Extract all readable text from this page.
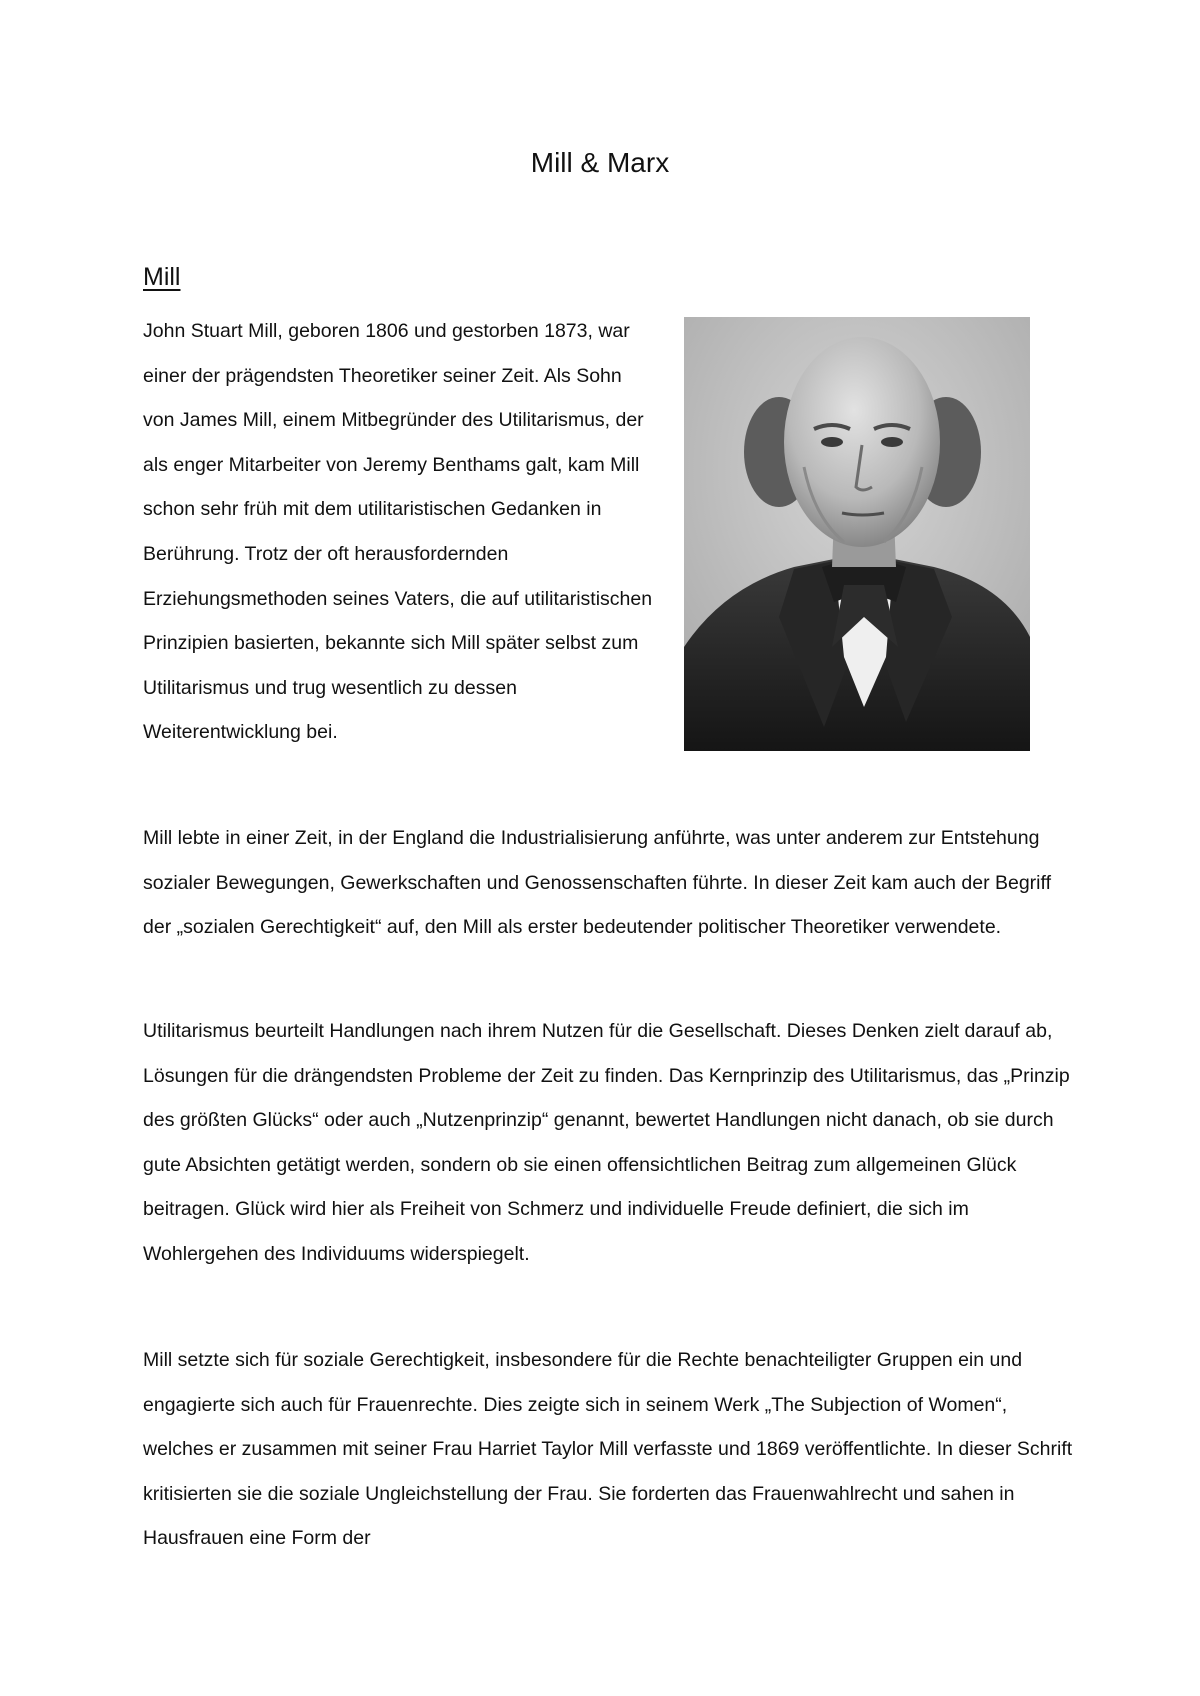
Mill & Marx
Mill

John Stuart Mill, geboren 1806 und gestorben 1873, war einer der prägendsten Theoretiker seiner Zeit. Als Sohn von James Mill, einem Mitbegründer des Utilitarismus, der als enger Mitarbeiter von Jeremy Benthams galt, kam Mill schon sehr früh mit dem utilitaristischen Gedanken in Berührung. Trotz der oft herausfordernden Erziehungsmethoden seines Vaters, die auf utilitaristischen Prinzipien basierten, bekannte sich Mill später selbst zum Utilitarismus und trug wesentlich zu dessen Weiterentwicklung bei.

Mill lebte in einer Zeit, in der England die Industrialisierung anführte, was unter anderem zur Entstehung sozialer Bewegungen, Gewerkschaften und Genossenschaften führte. In dieser Zeit kam auch der Begriff der „sozialen Gerechtigkeit“ auf, den Mill als erster bedeutender politischer Theoretiker verwendete.

Utilitarismus beurteilt Handlungen nach ihrem Nutzen für die Gesellschaft. Dieses Denken zielt darauf ab, Lösungen für die drängendsten Probleme der Zeit zu finden. Das Kernprinzip des Utilitarismus, das „Prinzip des größten Glücks“ oder auch „Nutzenprinzip“ genannt, bewertet Handlungen nicht danach, ob sie durch gute Absichten getätigt werden, sondern ob sie einen offensichtlichen Beitrag zum allgemeinen Glück beitragen. Glück wird hier als Freiheit von Schmerz und individuelle Freude definiert, die sich im Wohlergehen des Individuums widerspiegelt.

Mill setzte sich für soziale Gerechtigkeit, insbesondere für die Rechte benachteiligter Gruppen ein und engagierte sich auch für Frauenrechte. Dies zeigte sich in seinem Werk „The Subjection of Women“, welches er zusammen mit seiner Frau Harriet Taylor Mill verfasste und 1869 veröffentlichte. In dieser Schrift kritisierten sie die soziale Ungleichstellung der Frau. Sie forderten das Frauenwahlrecht und sahen in Hausfrauen eine Form der
